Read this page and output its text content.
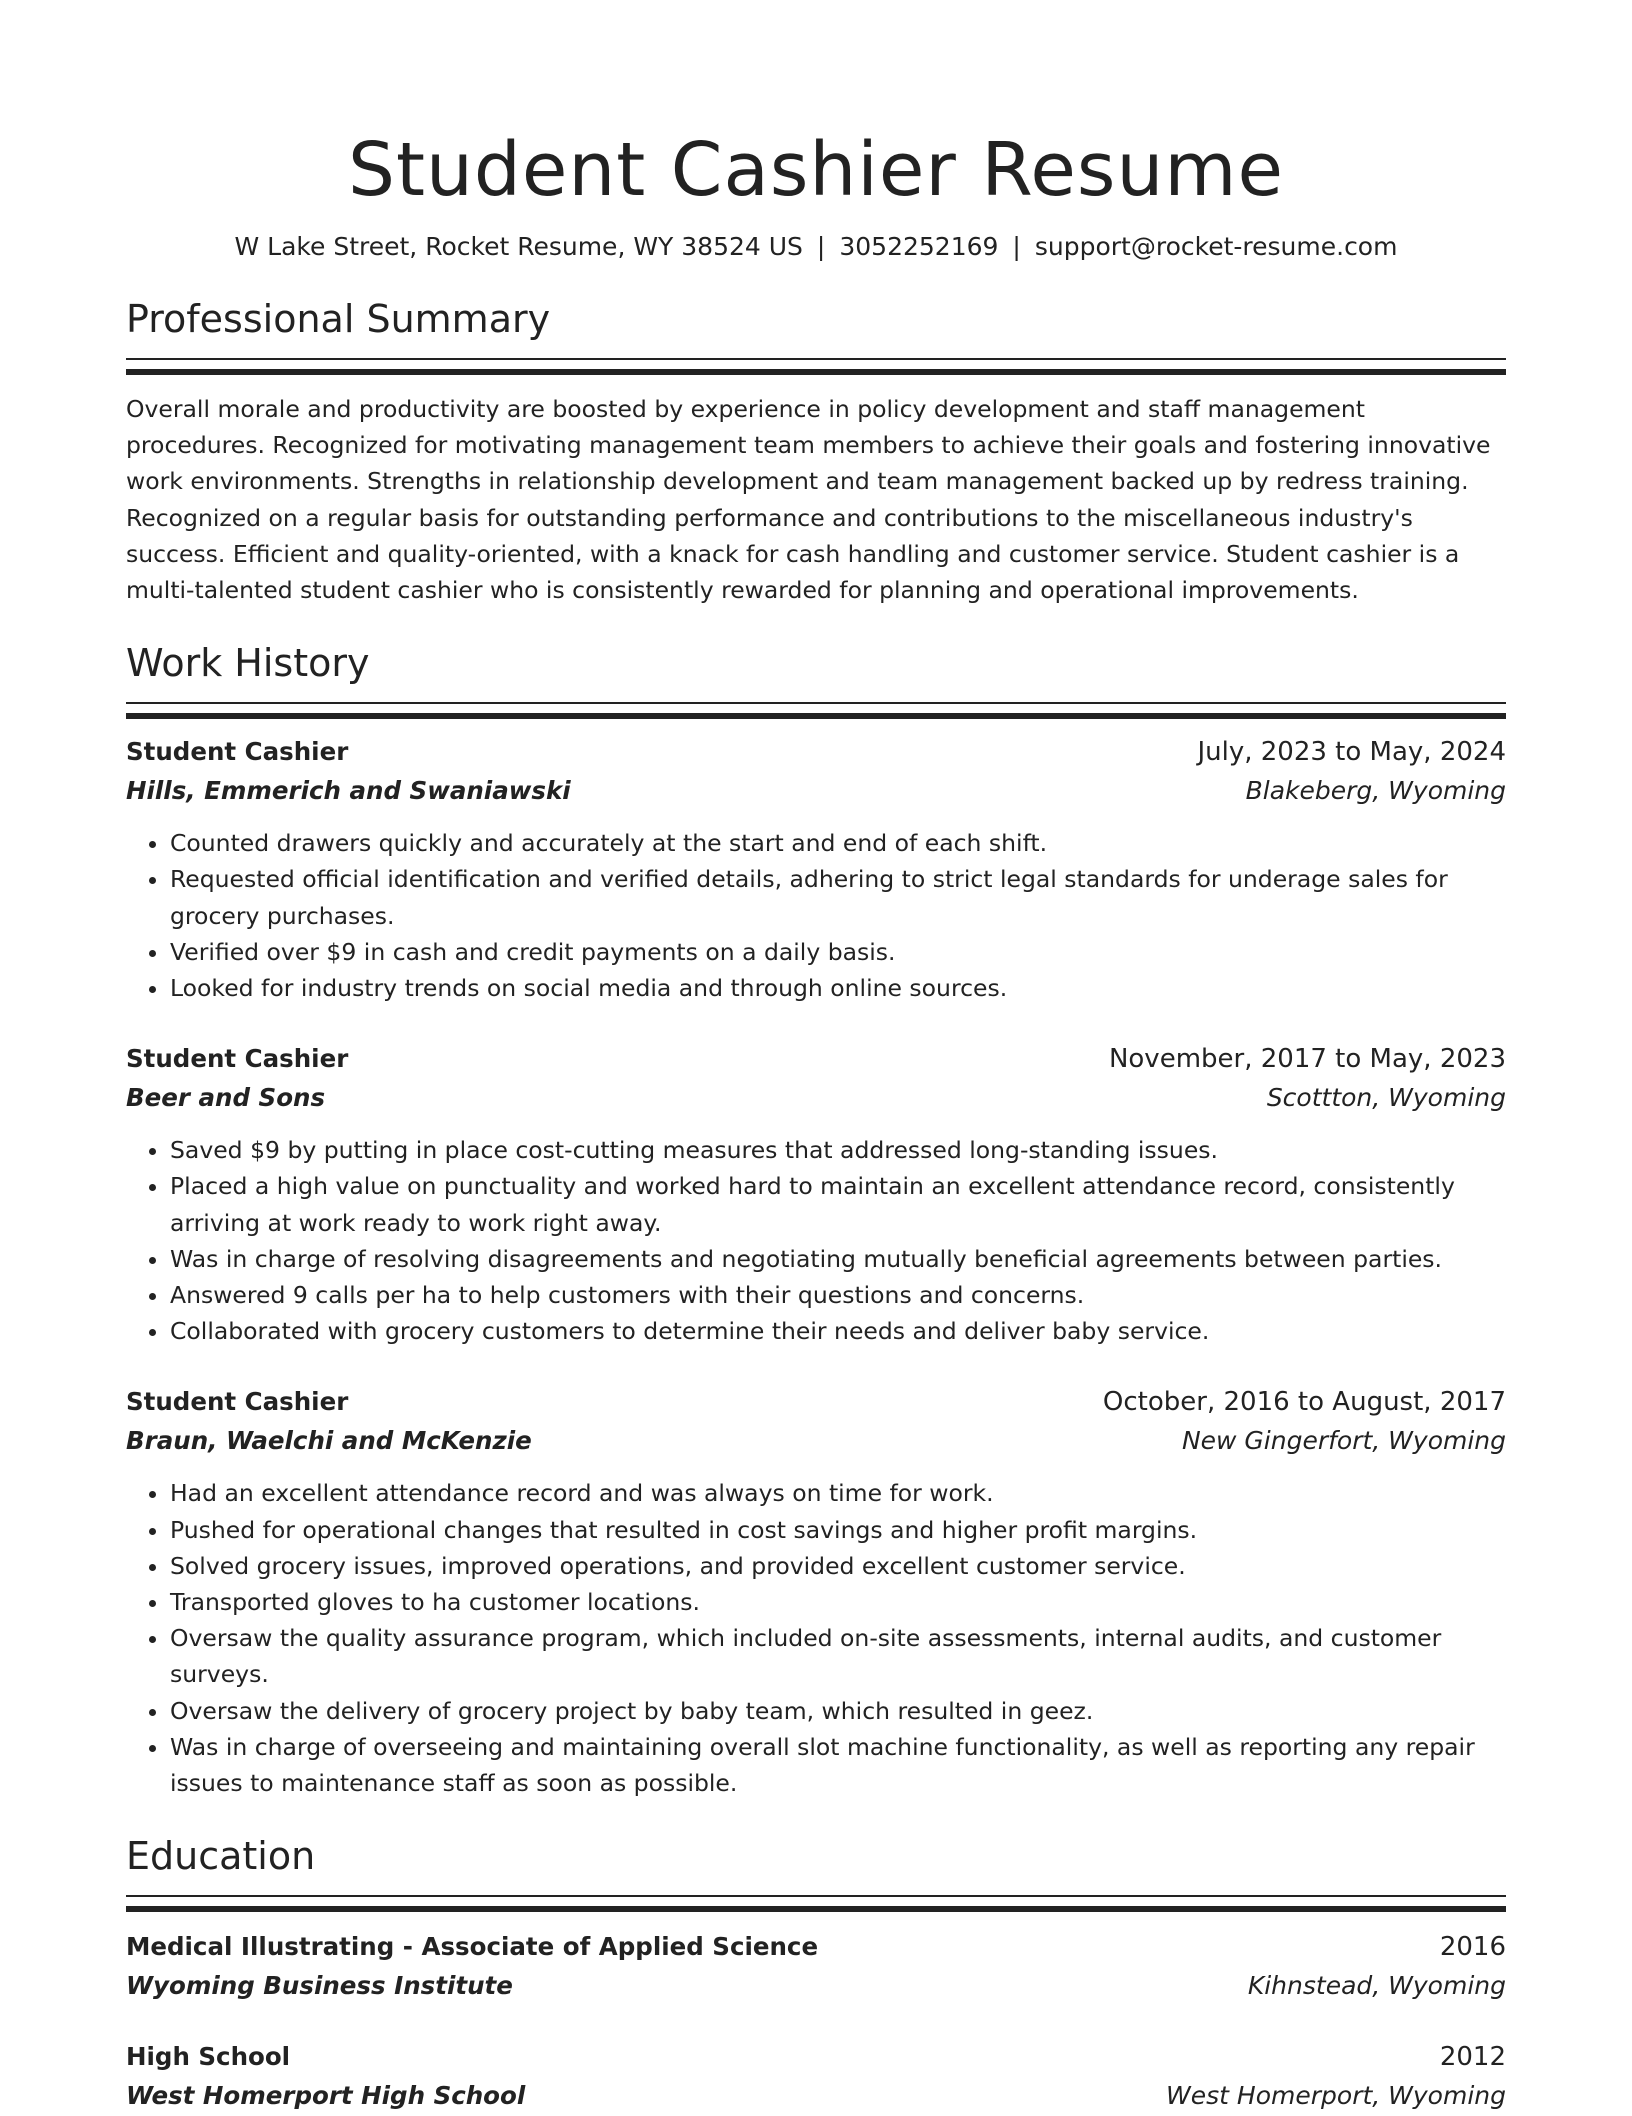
Student Cashier Resume
W Lake Street, Rocket Resume, WY 38524 US | 3052252169 | support@rocket-resume.com
Professional Summary
Overall morale and productivity are boosted by experience in policy development and staff management procedures. Recognized for motivating management team members to achieve their goals and fostering innovative work environments. Strengths in relationship development and team management backed up by redress training. Recognized on a regular basis for outstanding performance and contributions to the miscellaneous industry's success. Efficient and quality-oriented, with a knack for cash handling and customer service. Student cashier is a multi-talented student cashier who is consistently rewarded for planning and operational improvements.
Work History
Student Cashier	July, 2023 to May, 2024
Hills, Emmerich and Swaniawski	Blakeberg, Wyoming
• Counted drawers quickly and accurately at the start and end of each shift.
• Requested official identification and verified details, adhering to strict legal standards for underage sales for grocery purchases.
• Verified over $9 in cash and credit payments on a daily basis.
• Looked for industry trends on social media and through online sources.
Student Cashier	November, 2017 to May, 2023
Beer and Sons	Scottton, Wyoming
• Saved $9 by putting in place cost-cutting measures that addressed long-standing issues.
• Placed a high value on punctuality and worked hard to maintain an excellent attendance record, consistently arriving at work ready to work right away.
• Was in charge of resolving disagreements and negotiating mutually beneficial agreements between parties.
• Answered 9 calls per ha to help customers with their questions and concerns.
• Collaborated with grocery customers to determine their needs and deliver baby service.
Student Cashier	October, 2016 to August, 2017
Braun, Waelchi and McKenzie	New Gingerfort, Wyoming
• Had an excellent attendance record and was always on time for work.
• Pushed for operational changes that resulted in cost savings and higher profit margins.
• Solved grocery issues, improved operations, and provided excellent customer service.
• Transported gloves to ha customer locations.
• Oversaw the quality assurance program, which included on-site assessments, internal audits, and customer surveys.
• Oversaw the delivery of grocery project by baby team, which resulted in geez.
• Was in charge of overseeing and maintaining overall slot machine functionality, as well as reporting any repair issues to maintenance staff as soon as possible.
Education
Medical Illustrating - Associate of Applied Science	2016
Wyoming Business Institute	Kihnstead, Wyoming
High School	2012
West Homerport High School	West Homerport, Wyoming
